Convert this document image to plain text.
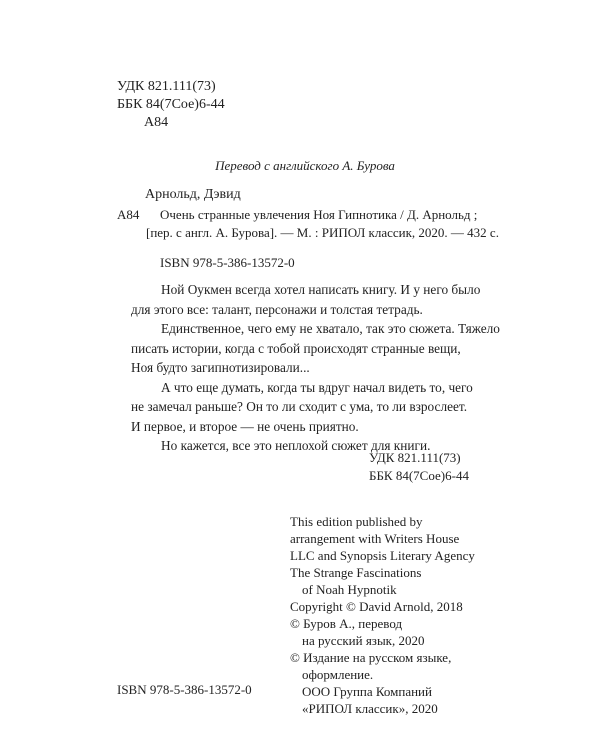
УДК 821.111(73)
ББК 84(7Сое)6-44
А84
Перевод с английского А. Бурова
Арнольд, Дэвид
А84 Очень странные увлечения Ноя Гипнотика / Д. Арнольд ;
[пер. с англ. А. Бурова]. — М. : РИПОЛ классик, 2020. — 432 с.
ISBN 978-5-386-13572-0

Ной Оукмен всегда хотел написать книгу. И у него было
для этого все: талант, персонажи и толстая тетрадь.

Единственное, чего ему не хватало, так это сюжета. Тяжело
писать истории, когда с тобой происходят странные вещи,
Ноя будто загипнотизировали...

А что еще думать, когда ты вдруг начал видеть то, чего
не замечал раньше? Он то ли сходит с ума, то ли взрослеет.
И первое, и второе — не очень приятно.

Но кажется, все это неплохой сюжет для книги.

УДК 821.111(73)
ББК 84(7Сое)6-44
This edition published by
arrangement with Writers House
LLC and Synopsis Literary Agency
The Strange Fascinations
of Noah Hypnotik
Copyright © David Arnold, 2018
© Буров А., перевод
на русский язык, 2020
© Издание на русском языке,
оформление.
ООО Группа Компаний
«РИПОЛ классик», 2020
ISBN 978-5-386-13572-0
